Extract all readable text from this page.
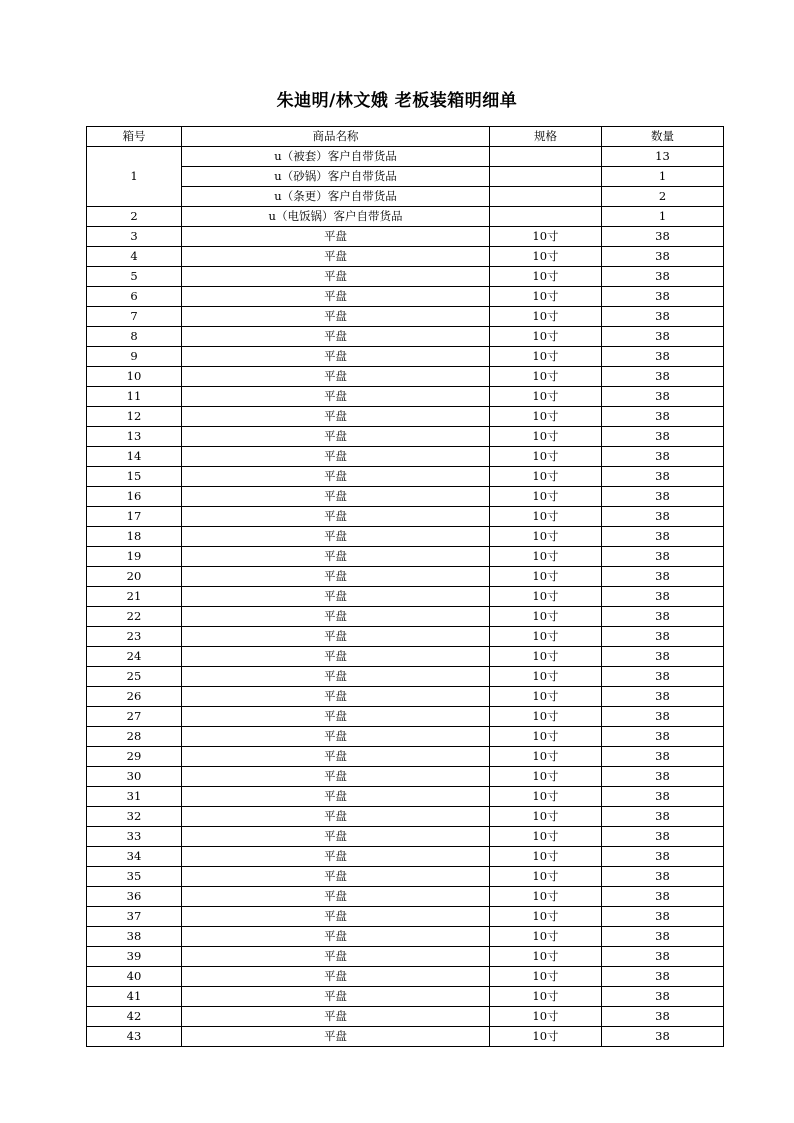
朱迪明/林文娥 老板装箱明细单
箱号	商品名称	规格	数量
1	u（被套）客户自带货品		13
	u（砂锅）客户自带货品		1
	u（条更）客户自带货品		2
2	u（电饭锅）客户自带货品		1
3	平盘	10寸	38
4	平盘	10寸	38
5	平盘	10寸	38
6	平盘	10寸	38
7	平盘	10寸	38
8	平盘	10寸	38
9	平盘	10寸	38
10	平盘	10寸	38
11	平盘	10寸	38
12	平盘	10寸	38
13	平盘	10寸	38
14	平盘	10寸	38
15	平盘	10寸	38
16	平盘	10寸	38
17	平盘	10寸	38
18	平盘	10寸	38
19	平盘	10寸	38
20	平盘	10寸	38
21	平盘	10寸	38
22	平盘	10寸	38
23	平盘	10寸	38
24	平盘	10寸	38
25	平盘	10寸	38
26	平盘	10寸	38
27	平盘	10寸	38
28	平盘	10寸	38
29	平盘	10寸	38
30	平盘	10寸	38
31	平盘	10寸	38
32	平盘	10寸	38
33	平盘	10寸	38
34	平盘	10寸	38
35	平盘	10寸	38
36	平盘	10寸	38
37	平盘	10寸	38
38	平盘	10寸	38
39	平盘	10寸	38
40	平盘	10寸	38
41	平盘	10寸	38
42	平盘	10寸	38
43	平盘	10寸	38
